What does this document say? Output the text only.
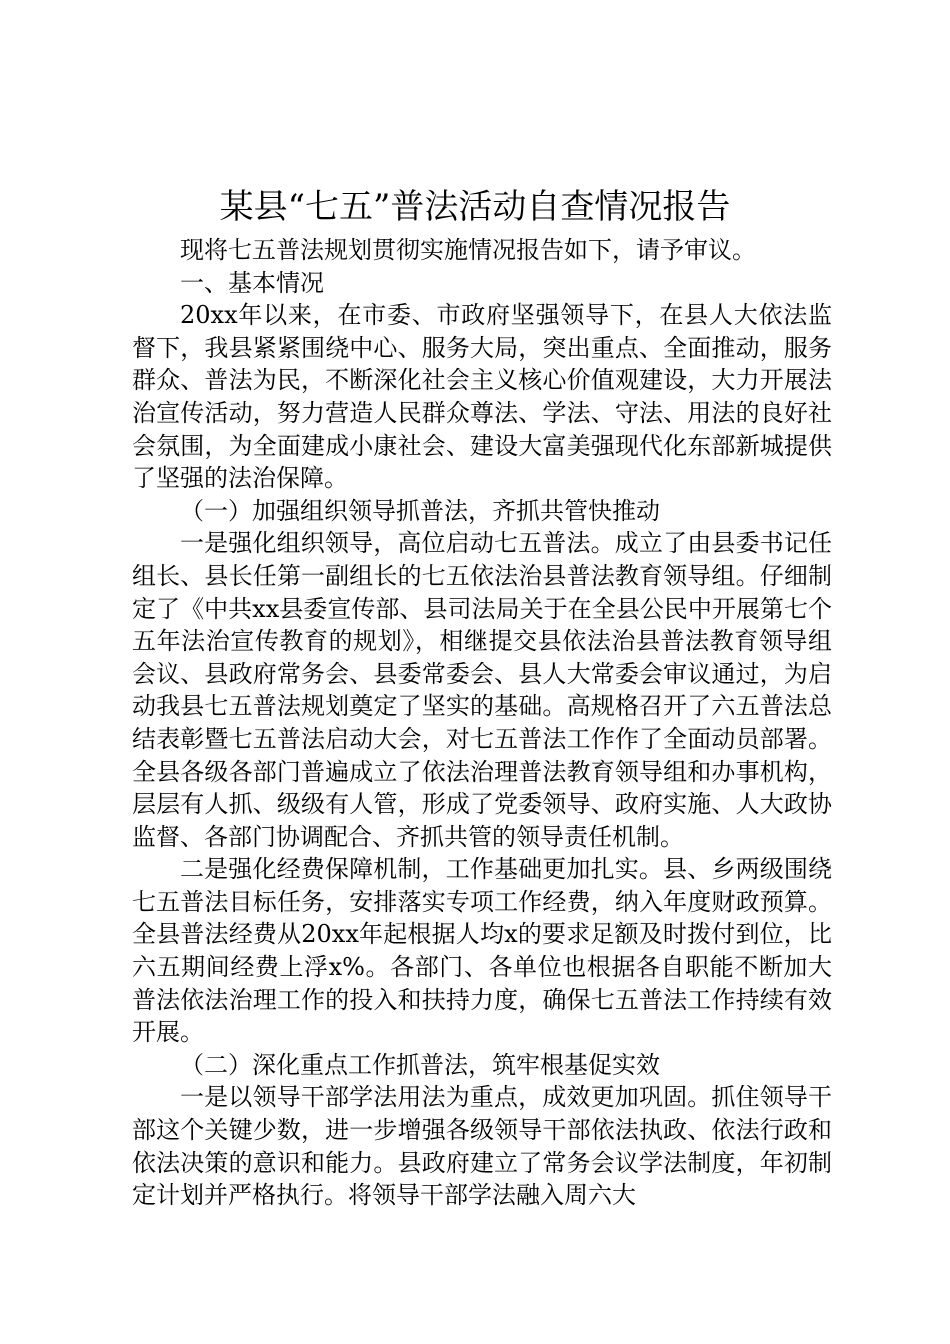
某县“七五”普法活动自查情况报告

现将七五普法规划贯彻实施情况报告如下，请予审议。

一、基本情况

20xx年以来，在市委、市政府坚强领导下，在县人大依法监督下，我县紧紧围绕中心、服务大局，突出重点、全面推动，服务群众、普法为民，不断深化社会主义核心价值观建设，大力开展法治宣传活动，努力营造人民群众尊法、学法、守法、用法的良好社会氛围，为全面建成小康社会、建设大富美强现代化东部新城提供了坚强的法治保障。

（一）加强组织领导抓普法，齐抓共管快推动

一是强化组织领导，高位启动七五普法。成立了由县委书记任组长、县长任第一副组长的七五依法治县普法教育领导组。仔细制定了《中共xx县委宣传部、县司法局关于在全县公民中开展第七个五年法治宣传教育的规划》，相继提交县依法治县普法教育领导组会议、县政府常务会、县委常委会、县人大常委会审议通过，为启动我县七五普法规划奠定了坚实的基础。高规格召开了六五普法总结表彰暨七五普法启动大会，对七五普法工作作了全面动员部署。全县各级各部门普遍成立了依法治理普法教育领导组和办事机构，层层有人抓、级级有人管，形成了党委领导、政府实施、人大政协监督、各部门协调配合、齐抓共管的领导责任机制。

二是强化经费保障机制，工作基础更加扎实。县、乡两级围绕七五普法目标任务，安排落实专项工作经费，纳入年度财政预算。全县普法经费从20xx年起根据人均x的要求足额及时拨付到位，比六五期间经费上浮x%。各部门、各单位也根据各自职能不断加大普法依法治理工作的投入和扶持力度，确保七五普法工作持续有效开展。

（二）深化重点工作抓普法，筑牢根基促实效

一是以领导干部学法用法为重点，成效更加巩固。抓住领导干部这个关键少数，进一步增强各级领导干部依法执政、依法行政和依法决策的意识和能力。县政府建立了常务会议学法制度，年初制定计划并严格执行。将领导干部学法融入周六大
